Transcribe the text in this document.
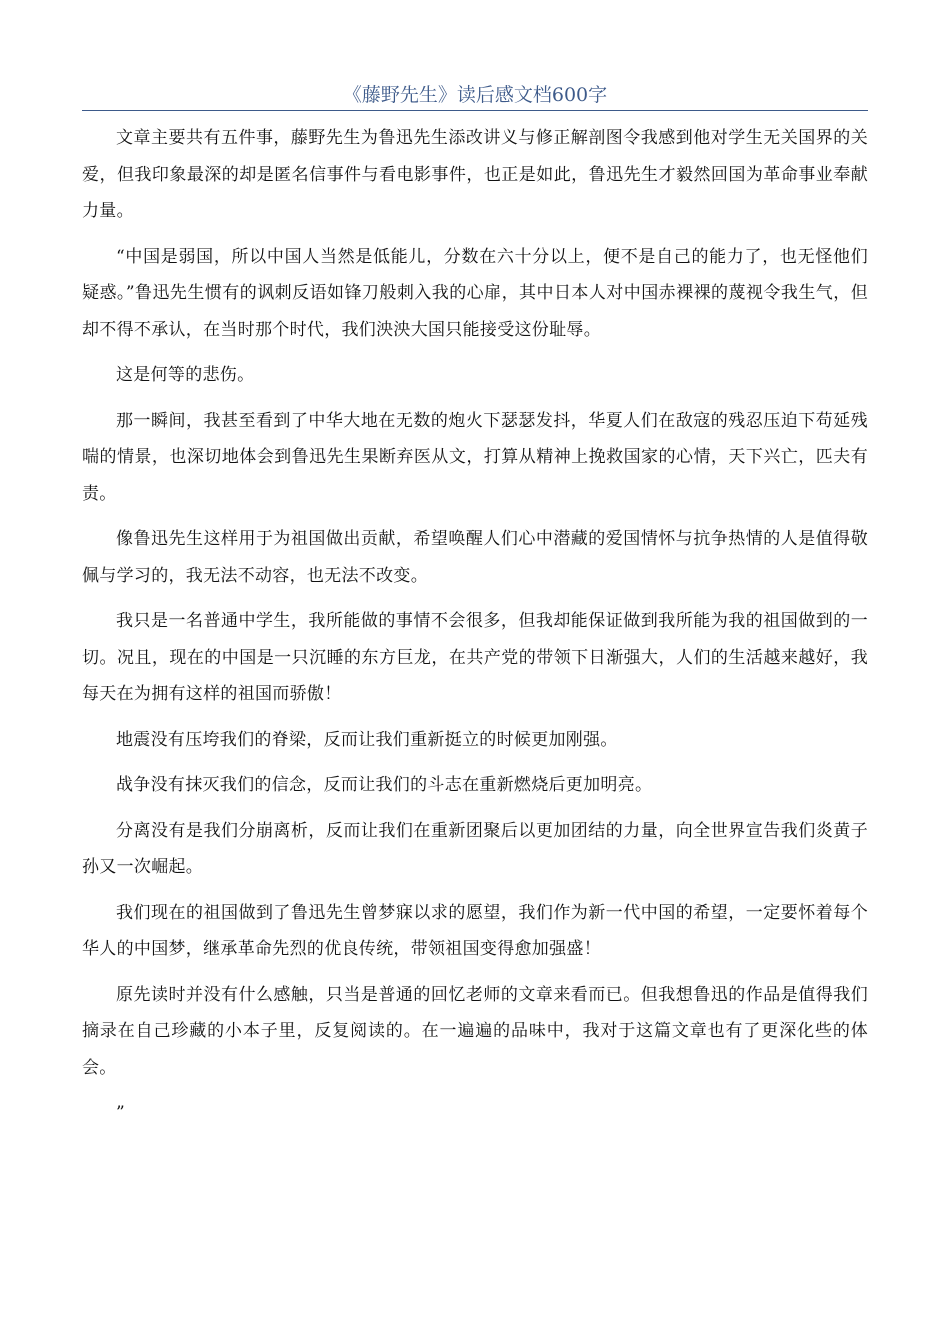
《藤野先生》读后感文档600字

文章主要共有五件事，藤野先生为鲁迅先生添改讲义与修正解剖图令我感到他对学生无关国界的关爱，但我印象最深的却是匿名信事件与看电影事件，也正是如此，鲁迅先生才毅然回国为革命事业奉献力量。

“中国是弱国，所以中国人当然是低能儿，分数在六十分以上，便不是自己的能力了，也无怪他们疑惑。”鲁迅先生惯有的讽刺反语如锋刀般刺入我的心扉，其中日本人对中国赤裸裸的蔑视令我生气，但却不得不承认，在当时那个时代，我们泱泱大国只能接受这份耻辱。

这是何等的悲伤。

那一瞬间，我甚至看到了中华大地在无数的炮火下瑟瑟发抖，华夏人们在敌寇的残忍压迫下苟延残喘的情景，也深切地体会到鲁迅先生果断弃医从文，打算从精神上挽救国家的心情，天下兴亡，匹夫有责。

像鲁迅先生这样用于为祖国做出贡献，希望唤醒人们心中潜藏的爱国情怀与抗争热情的人是值得敬佩与学习的，我无法不动容，也无法不改变。

我只是一名普通中学生，我所能做的事情不会很多，但我却能保证做到我所能为我的祖国做到的一切。况且，现在的中国是一只沉睡的东方巨龙，在共产党的带领下日渐强大，人们的生活越来越好，我每天在为拥有这样的祖国而骄傲！

地震没有压垮我们的脊梁，反而让我们重新挺立的时候更加刚强。

战争没有抹灭我们的信念，反而让我们的斗志在重新燃烧后更加明亮。

分离没有是我们分崩离析，反而让我们在重新团聚后以更加团结的力量，向全世界宣告我们炎黄子孙又一次崛起。

我们现在的祖国做到了鲁迅先生曾梦寐以求的愿望，我们作为新一代中国的希望，一定要怀着每个华人的中国梦，继承革命先烈的优良传统，带领祖国变得愈加强盛！

原先读时并没有什么感触，只当是普通的回忆老师的文章来看而已。但我想鲁迅的作品是值得我们摘录在自己珍藏的小本子里，反复阅读的。在一遍遍的品味中，我对于这篇文章也有了更深化些的体会。

”
